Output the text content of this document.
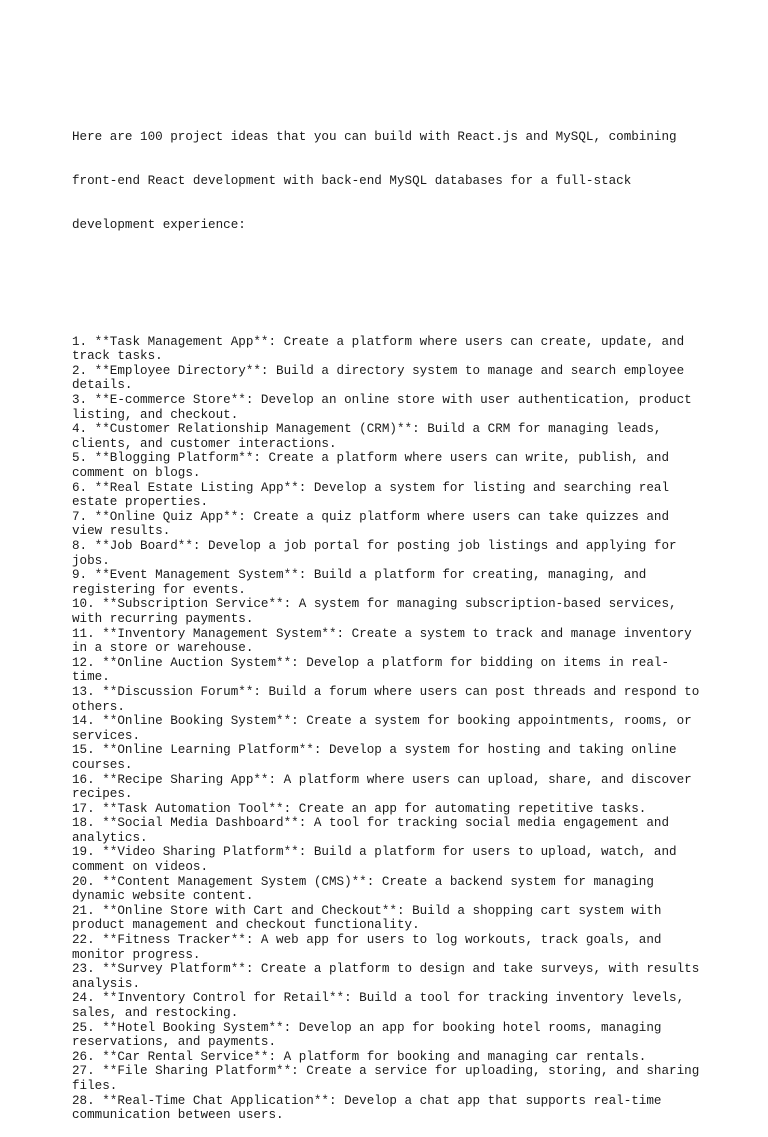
Here are 100 project ideas that you can build with React.js and MySQL, combining

front-end React development with back-end MySQL databases for a full-stack

development experience:

1. **Task Management App**: Create a platform where users can create, update, and
track tasks.
2. **Employee Directory**: Build a directory system to manage and search employee
details.
3. **E-commerce Store**: Develop an online store with user authentication, product
listing, and checkout.
4. **Customer Relationship Management (CRM)**: Build a CRM for managing leads,
clients, and customer interactions.
5. **Blogging Platform**: Create a platform where users can write, publish, and
comment on blogs.
6. **Real Estate Listing App**: Develop a system for listing and searching real
estate properties.
7. **Online Quiz App**: Create a quiz platform where users can take quizzes and
view results.
8. **Job Board**: Develop a job portal for posting job listings and applying for
jobs.
9. **Event Management System**: Build a platform for creating, managing, and
registering for events.
10. **Subscription Service**: A system for managing subscription-based services,
with recurring payments.
11. **Inventory Management System**: Create a system to track and manage inventory
in a store or warehouse.
12. **Online Auction System**: Develop a platform for bidding on items in real-
time.
13. **Discussion Forum**: Build a forum where users can post threads and respond to
others.
14. **Online Booking System**: Create a system for booking appointments, rooms, or
services.
15. **Online Learning Platform**: Develop a system for hosting and taking online
courses.
16. **Recipe Sharing App**: A platform where users can upload, share, and discover
recipes.
17. **Task Automation Tool**: Create an app for automating repetitive tasks.
18. **Social Media Dashboard**: A tool for tracking social media engagement and
analytics.
19. **Video Sharing Platform**: Build a platform for users to upload, watch, and
comment on videos.
20. **Content Management System (CMS)**: Create a backend system for managing
dynamic website content.
21. **Online Store with Cart and Checkout**: Build a shopping cart system with
product management and checkout functionality.
22. **Fitness Tracker**: A web app for users to log workouts, track goals, and
monitor progress.
23. **Survey Platform**: Create a platform to design and take surveys, with results
analysis.
24. **Inventory Control for Retail**: Build a tool for tracking inventory levels,
sales, and restocking.
25. **Hotel Booking System**: Develop an app for booking hotel rooms, managing
reservations, and payments.
26. **Car Rental Service**: A platform for booking and managing car rentals.
27. **File Sharing Platform**: Create a service for uploading, storing, and sharing
files.
28. **Real-Time Chat Application**: Develop a chat app that supports real-time
communication between users.
